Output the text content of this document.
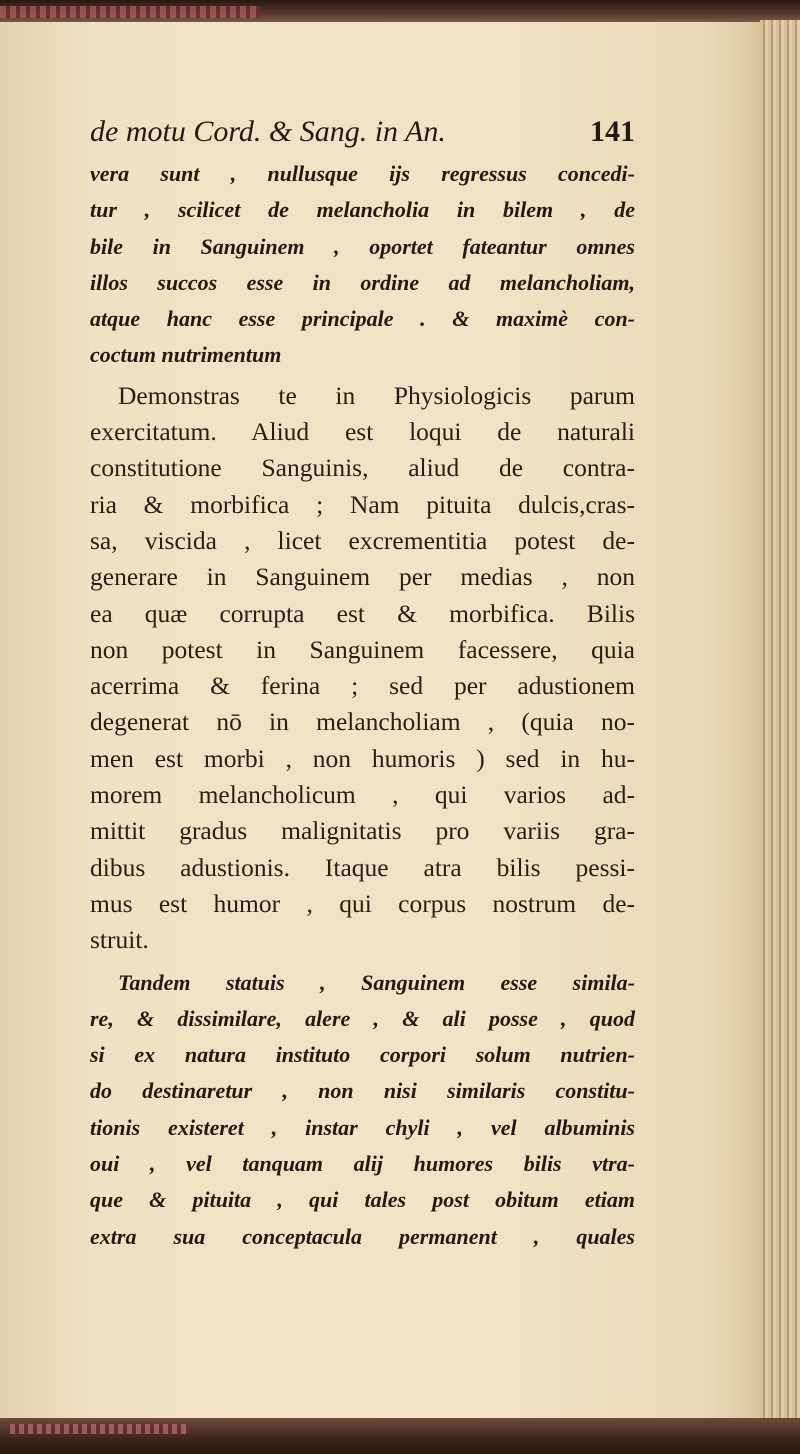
de motu Cord. & Sang. in An.	141
vera sunt , nullusque ijs regressus concedi-
tur , scilicet de melancholia in bilem , de
bile in Sanguinem , oportet fateantur omnes
illos succos esse in ordine ad melancholiam,
atque hanc esse principale . & maximè con-
coctum nutrimentum
Demonstras te in Physiologicis parum
exercitatum. Aliud est loqui de naturali
constitutione Sanguinis, aliud de contra-
ria & morbifica ; Nam pituita dulcis,cras-
sa, viscida , licet excrementitia potest de-
generare in Sanguinem per medias , non
ea quæ corrupta est & morbifica. Bilis
non potest in Sanguinem facessere, quia
acerrima & ferina ; sed per adustionem
degenerat nō in melancholiam , (quia no-
men est morbi , non humoris ) sed in hu-
morem melancholicum , qui varios ad-
mittit gradus malignitatis pro variis gra-
dibus adustionis. Itaque atra bilis pessi-
mus est humor , qui corpus nostrum de-
struit.
Tandem statuis , Sanguinem esse simila-
re, & dissimilare, alere , & ali posse , quod
si ex natura instituto corpori solum nutrien-
do destinaretur , non nisi similaris constitu-
tionis existeret , instar chyli , vel albuminis
oui , vel tanquam alij humores bilis vtra-
que & pituita , qui tales post obitum etiam
extra sua conceptacula permanent , quales
